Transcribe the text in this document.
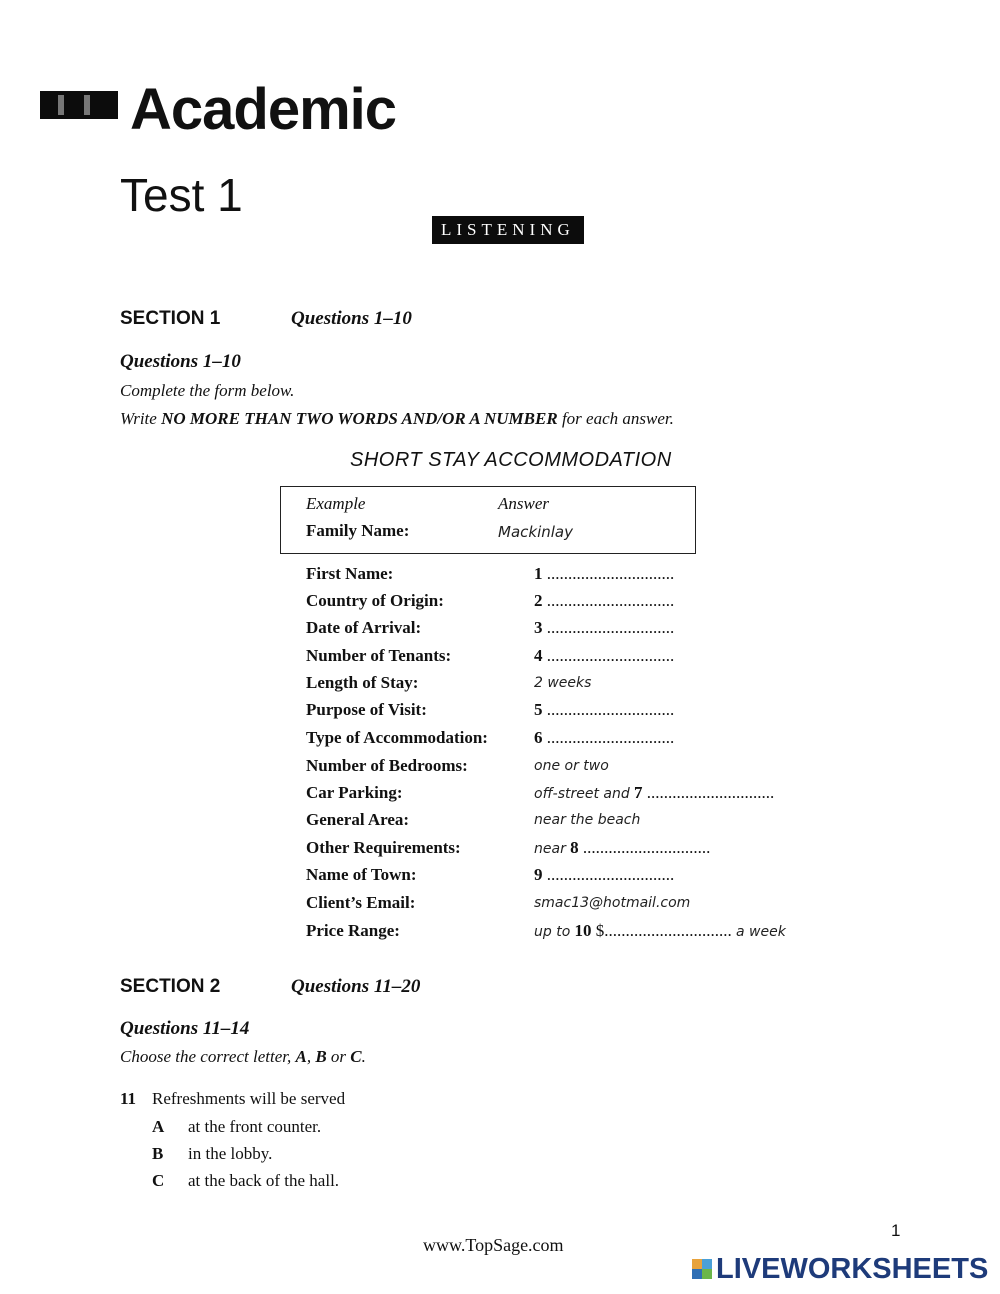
Academic
Test 1
LISTENING
SECTION 1	Questions 1–10
Questions 1–10
Complete the form below.
Write NO MORE THAN TWO WORDS AND/OR A NUMBER for each answer.
SHORT STAY ACCOMMODATION
Example	Answer
Family Name:	Mackinlay
First Name:	1 ..............................
Country of Origin:	2 ..............................
Date of Arrival:	3 ..............................
Number of Tenants:	4 ..............................
Length of Stay:	2 weeks
Purpose of Visit:	5 ..............................
Type of Accommodation:	6 ..............................
Number of Bedrooms:	one or two
Car Parking:	off-street and 7 ..............................
General Area:	near the beach
Other Requirements:	near 8 ..............................
Name of Town:	9 ..............................
Client’s Email:	smac13@hotmail.com
Price Range:	up to 10 $.............................. a week
SECTION 2	Questions 11–20
Questions 11–14
Choose the correct letter, A, B or C.
11 Refreshments will be served
A at the front counter.
B in the lobby.
C at the back of the hall.
1
www.TopSage.com
LIVEWORKSHEETS
